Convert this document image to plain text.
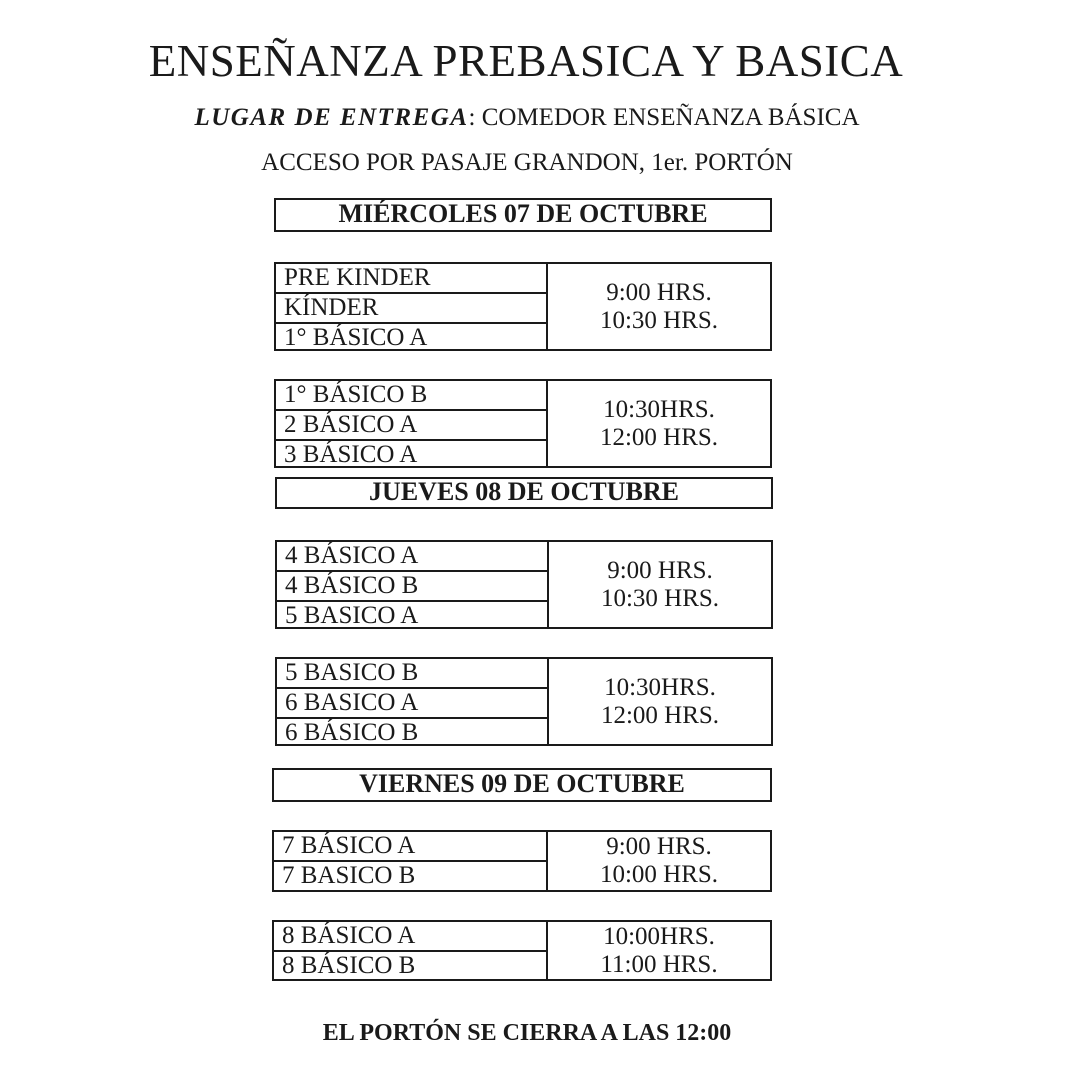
ENSEÑANZA PREBASICA Y BASICA
LUGAR DE ENTREGA: COMEDOR ENSEÑANZA BÁSICA
ACCESO POR PASAJE GRANDON, 1er. PORTÓN
MIÉRCOLES 07 DE OCTUBRE
PRE KINDER
KÍNDER
1° BÁSICO A
9:00 HRS.
10:30 HRS.
1° BÁSICO B
2 BÁSICO A
3 BÁSICO A
10:30HRS.
12:00 HRS.
JUEVES 08 DE OCTUBRE
4 BÁSICO A
4 BÁSICO B
5 BASICO A
9:00 HRS.
10:30 HRS.
5 BASICO B
6 BASICO A
6 BÁSICO B
10:30HRS.
12:00 HRS.
VIERNES 09 DE OCTUBRE
7 BÁSICO A
7 BASICO B
9:00 HRS.
10:00 HRS.
8 BÁSICO A
8 BÁSICO B
10:00HRS.
11:00 HRS.
EL PORTÓN SE CIERRA A LAS 12:00
